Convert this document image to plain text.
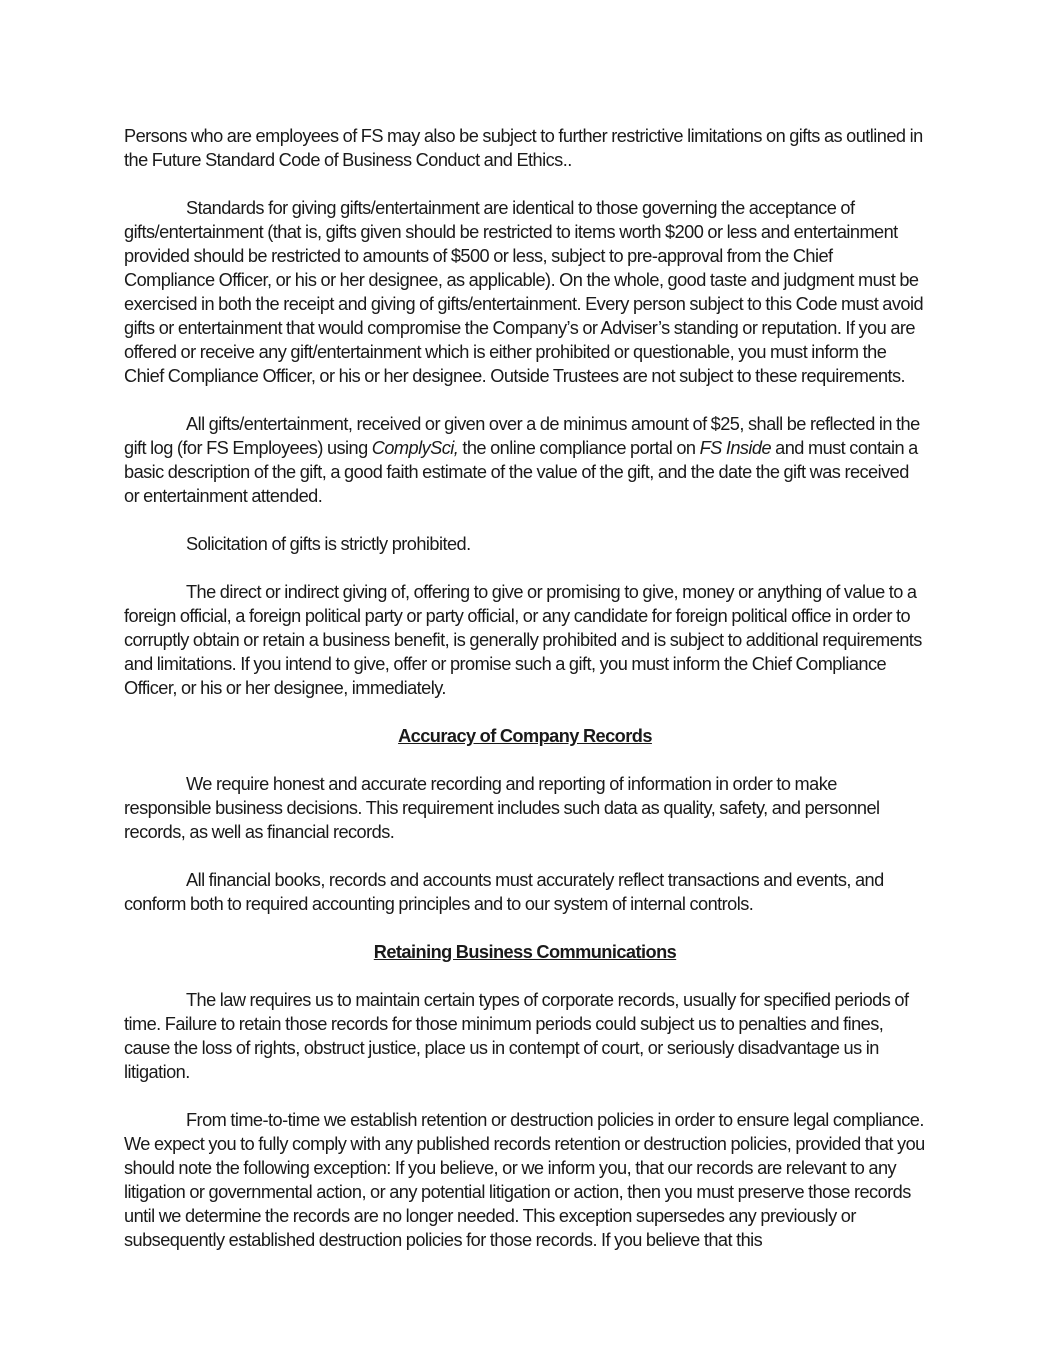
Persons who are employees of FS may also be subject to further restrictive limitations on gifts as outlined in the Future Standard Code of Business Conduct and Ethics..

Standards for giving gifts/entertainment are identical to those governing the acceptance of gifts/entertainment (that is, gifts given should be restricted to items worth $200 or less and entertainment provided should be restricted to amounts of $500 or less, subject to pre-approval from the Chief Compliance Officer, or his or her designee, as applicable). On the whole, good taste and judgment must be exercised in both the receipt and giving of gifts/entertainment. Every person subject to this Code must avoid gifts or entertainment that would compromise the Company’s or Adviser’s standing or reputation. If you are offered or receive any gift/entertainment which is either prohibited or questionable, you must inform the Chief Compliance Officer, or his or her designee. Outside Trustees are not subject to these requirements.

All gifts/entertainment, received or given over a de minimus amount of $25, shall be reflected in the gift log (for FS Employees) using ComplySci, the online compliance portal on FS Inside and must contain a basic description of the gift, a good faith estimate of the value of the gift, and the date the gift was received or entertainment attended.

Solicitation of gifts is strictly prohibited.

The direct or indirect giving of, offering to give or promising to give, money or anything of value to a foreign official, a foreign political party or party official, or any candidate for foreign political office in order to corruptly obtain or retain a business benefit, is generally prohibited and is subject to additional requirements and limitations. If you intend to give, offer or promise such a gift, you must inform the Chief Compliance Officer, or his or her designee, immediately.

Accuracy of Company Records

We require honest and accurate recording and reporting of information in order to make responsible business decisions. This requirement includes such data as quality, safety, and personnel records, as well as financial records.

All financial books, records and accounts must accurately reflect transactions and events, and conform both to required accounting principles and to our system of internal controls.

Retaining Business Communications

The law requires us to maintain certain types of corporate records, usually for specified periods of time. Failure to retain those records for those minimum periods could subject us to penalties and fines, cause the loss of rights, obstruct justice, place us in contempt of court, or seriously disadvantage us in litigation.

From time-to-time we establish retention or destruction policies in order to ensure legal compliance. We expect you to fully comply with any published records retention or destruction policies, provided that you should note the following exception: If you believe, or we inform you, that our records are relevant to any litigation or governmental action, or any potential litigation or action, then you must preserve those records until we determine the records are no longer needed. This exception supersedes any previously or subsequently established destruction policies for those records. If you believe that this
